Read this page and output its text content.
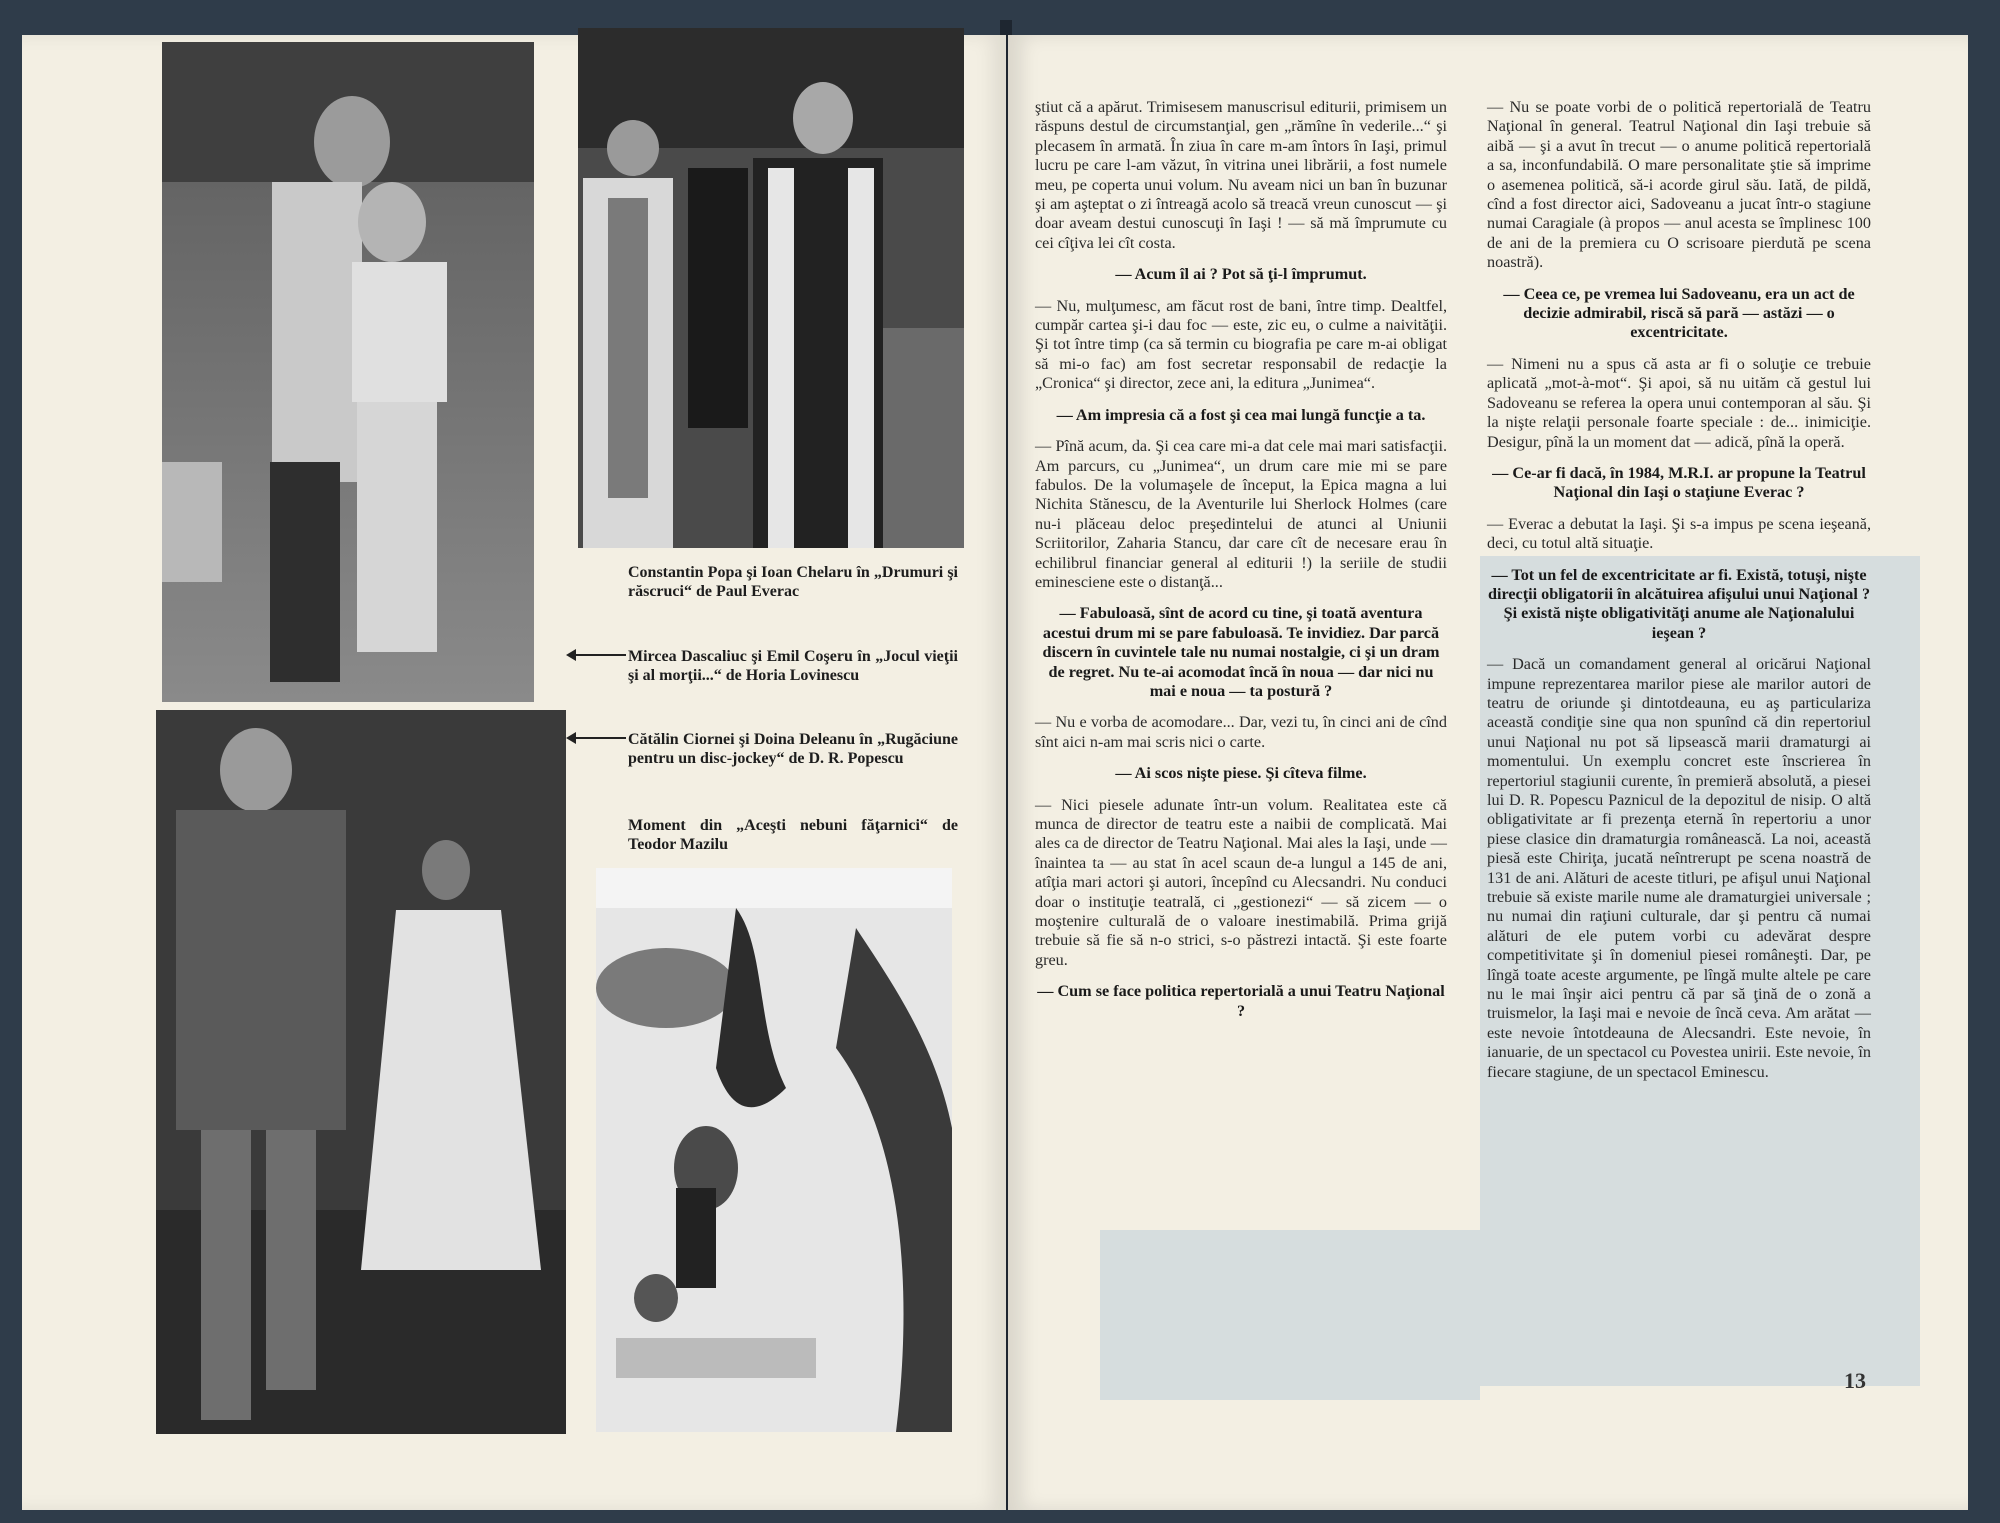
Constantin Popa şi Ioan Chelaru în „Drumuri şi răscruci“ de Paul Everac
Mircea Dascaliuc şi Emil Coşeru în „Jocul vieţii şi al morţii...“ de Horia Lovinescu
Cătălin Ciornei şi Doina Deleanu în „Rugăciune pentru un disc-jockey“ de D. R. Popescu
Moment din „Aceşti nebuni făţarnici“ de Teodor Mazilu

ştiut că a apărut. Trimisesem manuscrisul editurii, primisem un răspuns destul de circumstanţial, gen „rămîne în vederile...“ şi plecasem în armată. În ziua în care m-am întors în Iaşi, primul lucru pe care l-am văzut, în vitrina unei librării, a fost numele meu, pe coperta unui volum. Nu aveam nici un ban în buzunar şi am aşteptat o zi întreagă acolo să treacă vreun cunoscut — şi doar aveam destui cunoscuţi în Iaşi ! — să mă împrumute cu cei cîţiva lei cît costa.

— Acum îl ai ? Pot să ţi-l împrumut.

— Nu, mulţumesc, am făcut rost de bani, între timp. Dealtfel, cumpăr cartea şi-i dau foc — este, zic eu, o culme a naivităţii. Şi tot între timp (ca să termin cu biografia pe care m-ai obligat să mi-o fac) am fost secretar responsabil de redacţie la „Cronica“ şi director, zece ani, la editura „Junimea“.

— Am impresia că a fost şi cea mai lungă funcţie a ta.

— Pînă acum, da. Şi cea care mi-a dat cele mai mari satisfacţii. Am parcurs, cu „Junimea“, un drum care mie mi se pare fabulos. De la volumaşele de început, la Epica magna a lui Nichita Stănescu, de la Aventurile lui Sherlock Holmes (care nu-i plăceau deloc preşedintelui de atunci al Uniunii Scriitorilor, Zaharia Stancu, dar care cît de necesare erau în echilibrul financiar general al editurii !) la seriile de studii eminesciene este o distanţă...

— Fabuloasă, sînt de acord cu tine, şi toată aventura acestui drum mi se pare fabuloasă. Te invidiez. Dar parcă discern în cuvintele tale nu numai nostalgie, ci şi un dram de regret. Nu te-ai acomodat încă în noua — dar nici nu mai e noua — ta postură ?

— Nu e vorba de acomodare... Dar, vezi tu, în cinci ani de cînd sînt aici n-am mai scris nici o carte.

— Ai scos nişte piese. Şi cîteva filme.

— Nici piesele adunate într-un volum. Realitatea este că munca de director de teatru este a naibii de complicată. Mai ales ca de director de Teatru Naţional. Mai ales la Iaşi, unde — înaintea ta — au stat în acel scaun de-a lungul a 145 de ani, atîţia mari actori şi autori, începînd cu Alecsandri. Nu conduci doar o instituţie teatrală, ci „gestionezi“ — să zicem — o moştenire culturală de o valoare inestimabilă. Prima grijă trebuie să fie să n-o strici, s-o păstrezi intactă. Şi este foarte greu.

— Cum se face politica repertorială a unui Teatru Naţional ?

— Nu se poate vorbi de o politică repertorială de Teatru Naţional în general. Teatrul Naţional din Iaşi trebuie să aibă — şi a avut în trecut — o anume politică repertorială a sa, inconfundabilă. O mare personalitate ştie să imprime o asemenea politică, să-i acorde girul său. Iată, de pildă, cînd a fost director aici, Sadoveanu a jucat într-o stagiune numai Caragiale (à propos — anul acesta se împlinesc 100 de ani de la premiera cu O scrisoare pierdută pe scena noastră).

— Ceea ce, pe vremea lui Sadoveanu, era un act de decizie admirabil, riscă să pară — astăzi — o excentricitate.

— Nimeni nu a spus că asta ar fi o soluţie ce trebuie aplicată „mot-à-mot“. Şi apoi, să nu uităm că gestul lui Sadoveanu se referea la opera unui contemporan al său. Şi la nişte relaţii personale foarte speciale : de... inimiciţie. Desigur, pînă la un moment dat — adică, pînă la operă.

— Ce-ar fi dacă, în 1984, M.R.I. ar propune la Teatrul Naţional din Iaşi o staţiune Everac ?

— Everac a debutat la Iaşi. Şi s-a impus pe scena ieşeană, deci, cu totul altă situaţie.

— Tot un fel de excentricitate ar fi. Există, totuşi, nişte direcţii obligatorii în alcătuirea afişului unui Naţional ? Şi există nişte obligativităţi anume ale Naţionalului ieşean ?

— Dacă un comandament general al oricărui Naţional impune reprezentarea marilor piese ale marilor autori de teatru de oriunde şi dintotdeauna, eu aş particulariza această condiţie sine qua non spunînd că din repertoriul unui Naţional nu pot să lipsească marii dramaturgi ai momentului. Un exemplu concret este înscrierea în repertoriul stagiunii curente, în premieră absolută, a piesei lui D. R. Popescu Paznicul de la depozitul de nisip. O altă obligativitate ar fi prezenţa eternă în repertoriu a unor piese clasice din dramaturgia românească. La noi, această piesă este Chiriţa, jucată neîntrerupt pe scena noastră de 131 de ani. Alături de aceste titluri, pe afişul unui Naţional trebuie să existe marile nume ale dramaturgiei universale ; nu numai din raţiuni culturale, dar şi pentru că numai alături de ele putem vorbi cu adevărat despre competitivitate şi în domeniul piesei româneşti. Dar, pe lîngă toate aceste argumente, pe lîngă multe altele pe care nu le mai înşir aici pentru că par să ţină de o zonă a truismelor, la Iaşi mai e nevoie de încă ceva. Am arătat — este nevoie întotdeauna de Alecsandri. Este nevoie, în ianuarie, de un spectacol cu Povestea unirii. Este nevoie, în fiecare stagiune, de un spectacol Eminescu.

13
